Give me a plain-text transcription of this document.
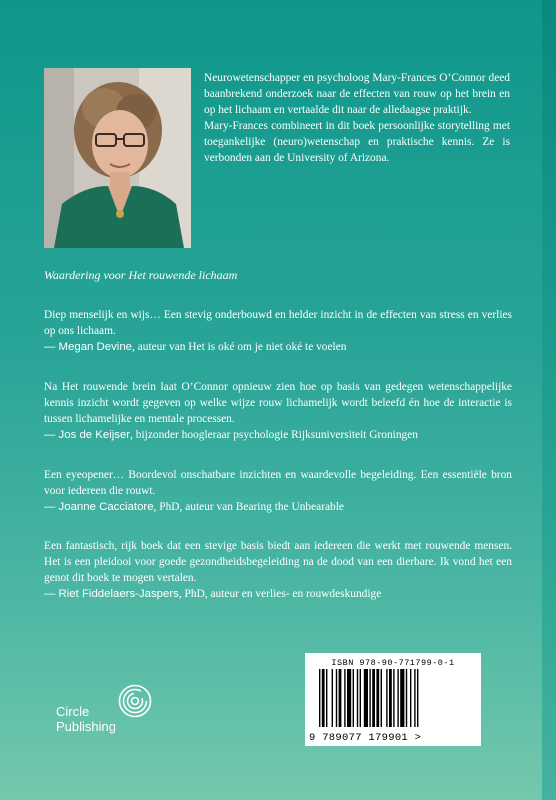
Neurowetenschapper en psycholoog Mary-Frances O’Connor deed baanbrekend onderzoek naar de effecten van rouw op het brein en op het lichaam en vertaalde dit naar de alledaagse praktijk.

Mary-Frances combineert in dit boek persoonlijke storytelling met toegankelijke (neuro)wetenschap en praktische kennis. Ze is verbonden aan de University of Arizona.

Waardering voor Het rouwende lichaam

Diep menselijk en wijs… Een stevig onderbouwd en helder inzicht in de effecten van stress en verlies op ons lichaam.

— Megan Devine, auteur van Het is oké om je niet oké te voelen

Na Het rouwende brein laat O’Connor opnieuw zien hoe op basis van gedegen wetenschappelijke kennis inzicht wordt gegeven op welke wijze rouw lichamelijk wordt beleefd én hoe de interactie is tussen lichamelijke en mentale processen.

— Jos de Keijser, bijzonder hoogleraar psychologie Rijksuniversiteit Groningen

Een eyeopener… Boordevol onschatbare inzichten en waardevolle begeleiding. Een essentiële bron voor iedereen die rouwt.

— Joanne Cacciatore, PhD, auteur van Bearing the Unbearable

Een fantastisch, rijk boek dat een stevige basis biedt aan iedereen die werkt met rouwende mensen. Het is een pleidooi voor goede gezondheidsbegeleiding na de dood van een dierbare. Ik vond het een genot dit boek te mogen vertalen.

— Riet Fiddelaers-Jaspers, PhD, auteur en verlies- en rouwdeskundige

Circle
Publishing
ISBN 978-90-771799-0-1
9 789077 179901 >
